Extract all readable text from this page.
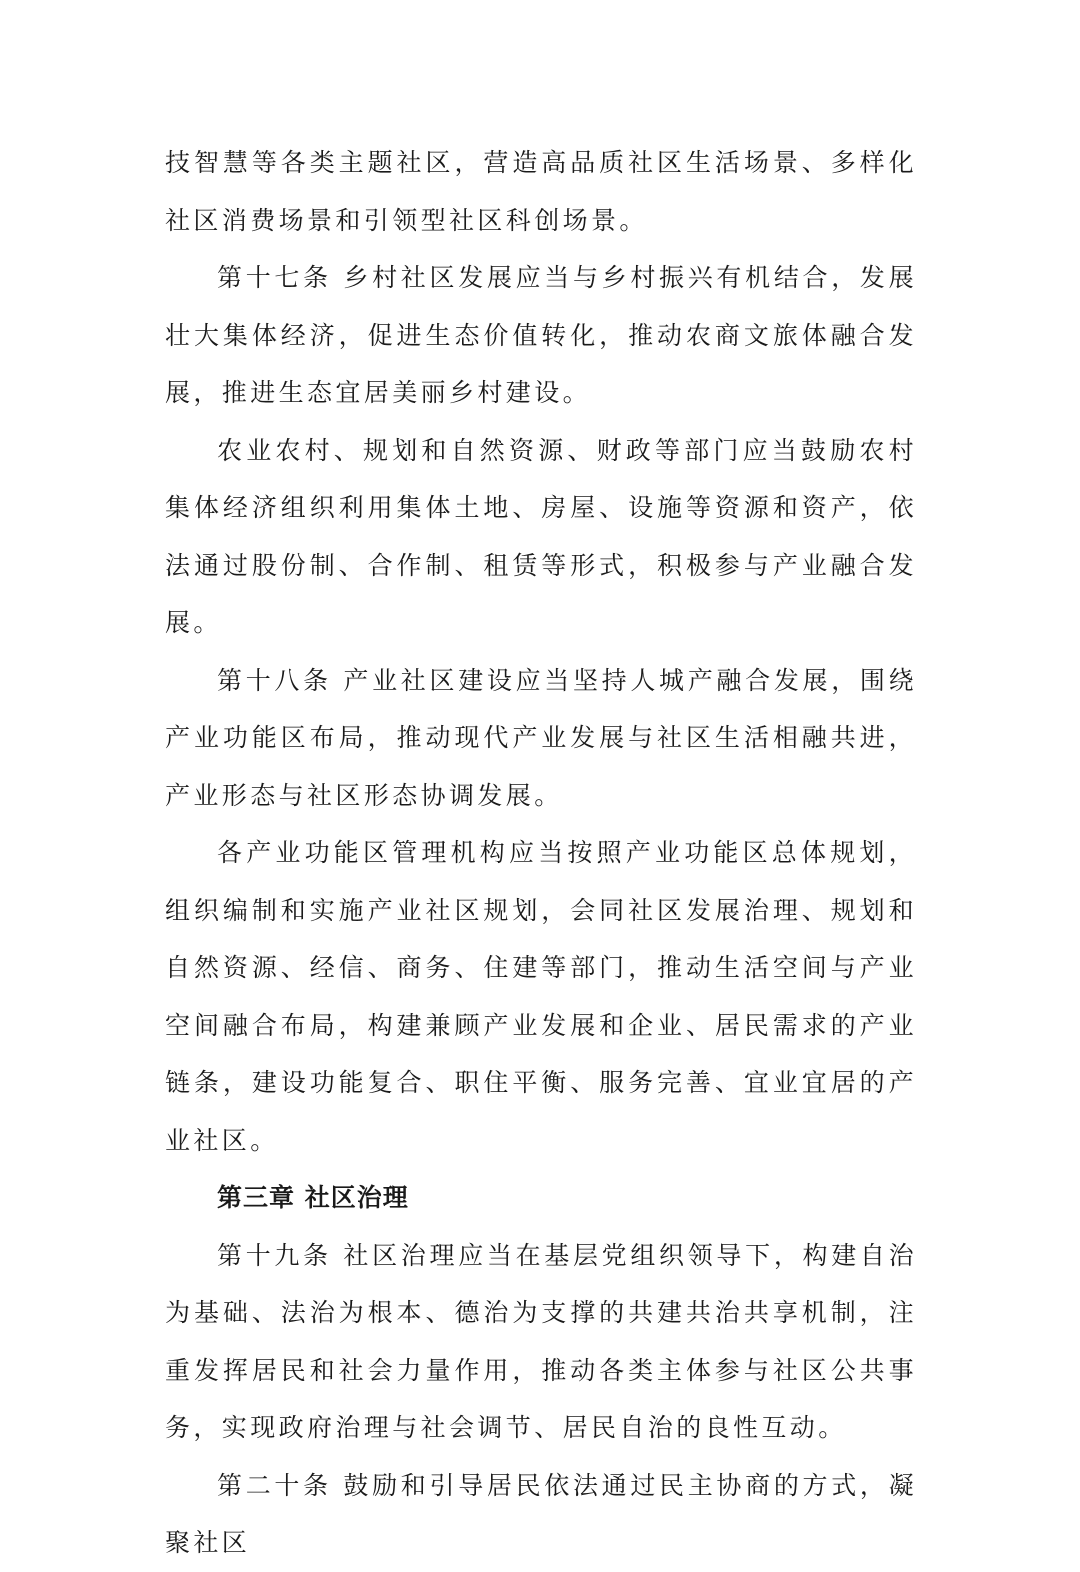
技智慧等各类主题社区，营造高品质社区生活场景、多样化社区消费场景和引领型社区科创场景。

第十七条 乡村社区发展应当与乡村振兴有机结合，发展壮大集体经济，促进生态价值转化，推动农商文旅体融合发展，推进生态宜居美丽乡村建设。

农业农村、规划和自然资源、财政等部门应当鼓励农村集体经济组织利用集体土地、房屋、设施等资源和资产，依法通过股份制、合作制、租赁等形式，积极参与产业融合发展。

第十八条 产业社区建设应当坚持人城产融合发展，围绕产业功能区布局，推动现代产业发展与社区生活相融共进，产业形态与社区形态协调发展。

各产业功能区管理机构应当按照产业功能区总体规划，组织编制和实施产业社区规划，会同社区发展治理、规划和自然资源、经信、商务、住建等部门，推动生活空间与产业空间融合布局，构建兼顾产业发展和企业、居民需求的产业链条，建设功能复合、职住平衡、服务完善、宜业宜居的产业社区。

第三章 社区治理

第十九条 社区治理应当在基层党组织领导下，构建自治为基础、法治为根本、德治为支撑的共建共治共享机制，注重发挥居民和社会力量作用，推动各类主体参与社区公共事务，实现政府治理与社会调节、居民自治的良性互动。

第二十条 鼓励和引导居民依法通过民主协商的方式，凝聚社区
